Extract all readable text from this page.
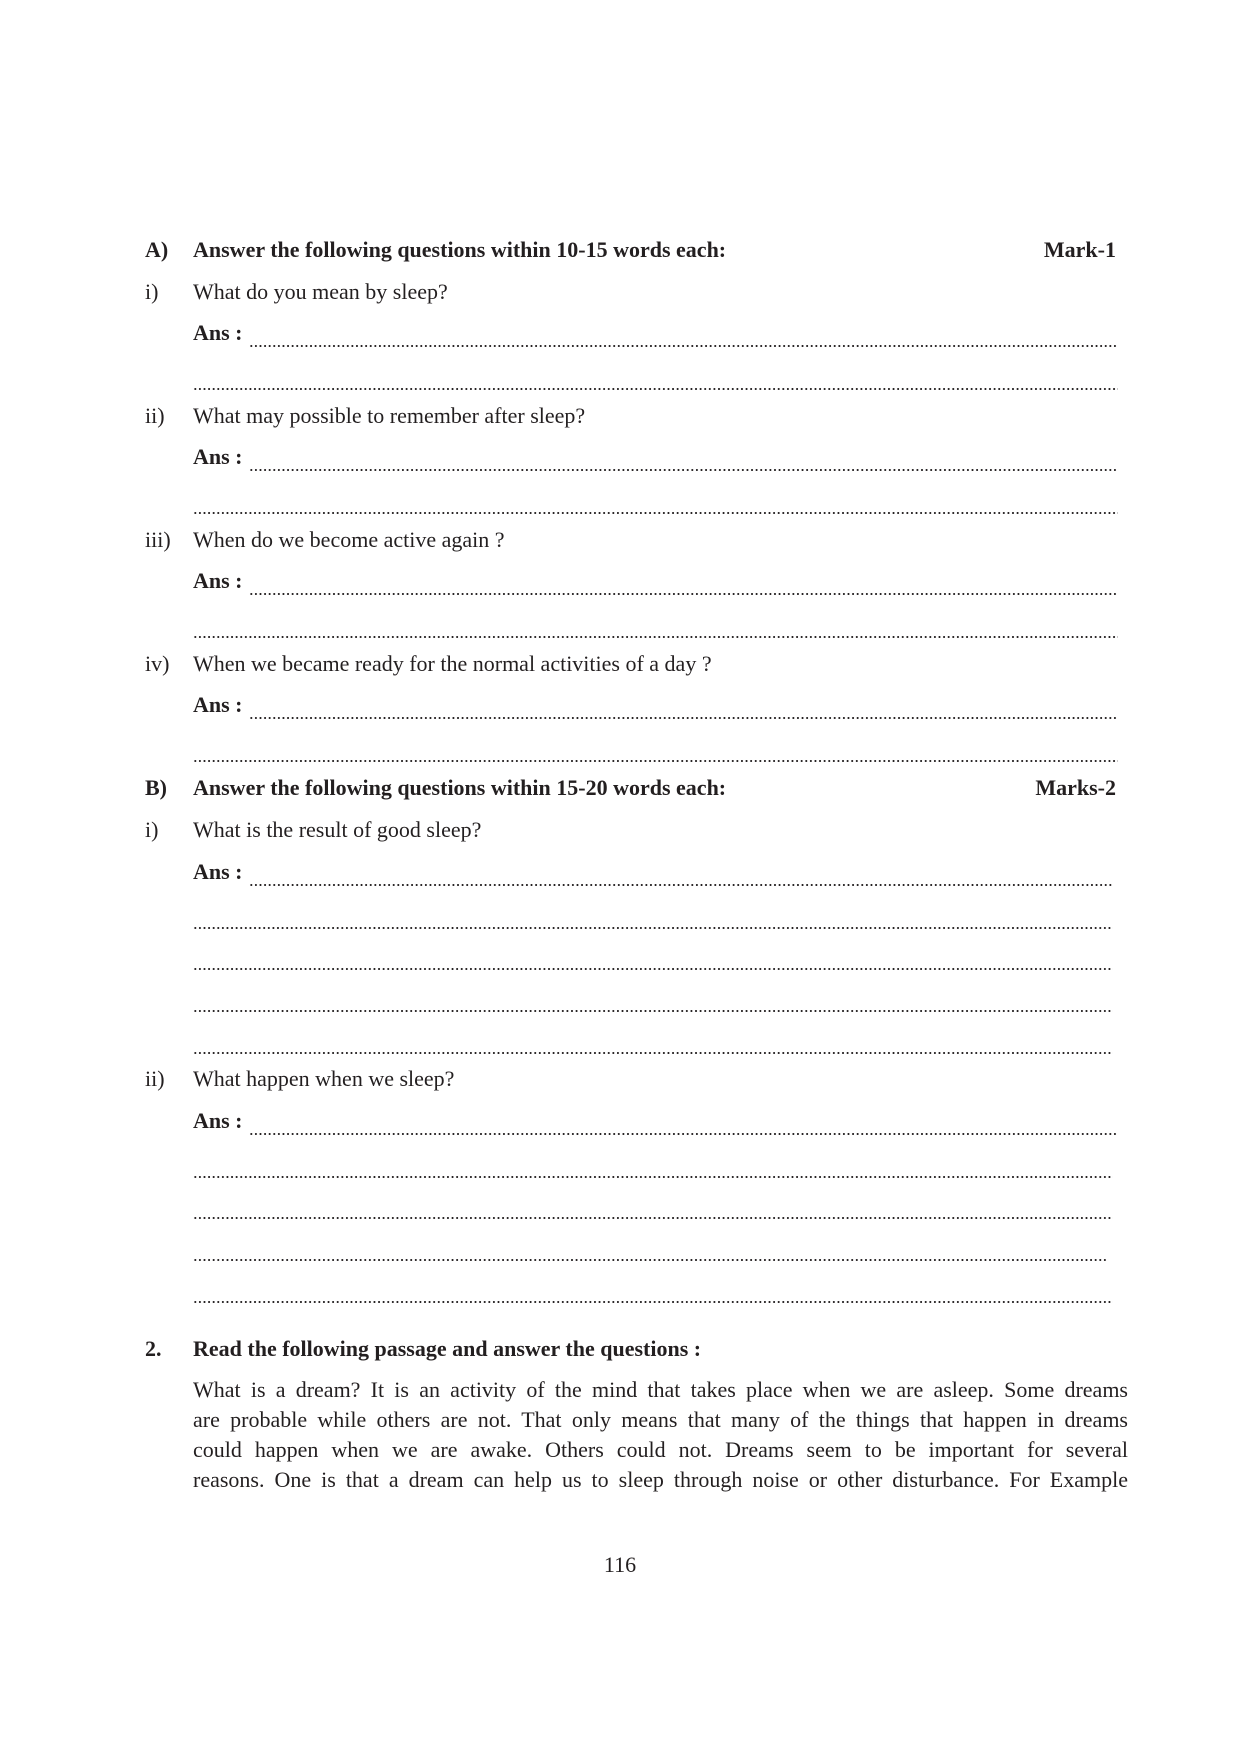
A) Answer the following questions within 10-15 words each:	Mark-1
i) What do you mean by sleep?
Ans :
ii) What may possible to remember after sleep?
Ans :
iii) When do we become active again ?
Ans :
iv) When we became ready for the normal activities of a day ?
Ans :
B) Answer the following questions within 15-20 words each:	Marks-2
i) What is the result of good sleep?
Ans :
ii) What happen when we sleep?
Ans :
2. Read the following passage and answer the questions :
What is a dream? It is an activity of the mind that takes place when we are asleep. Some dreams
are probable while others are not. That only means that many of the things that happen in dreams
could happen when we are awake. Others could not. Dreams seem to be important for several
reasons. One is that a dream can help us to sleep through noise or other disturbance. For Example
116
